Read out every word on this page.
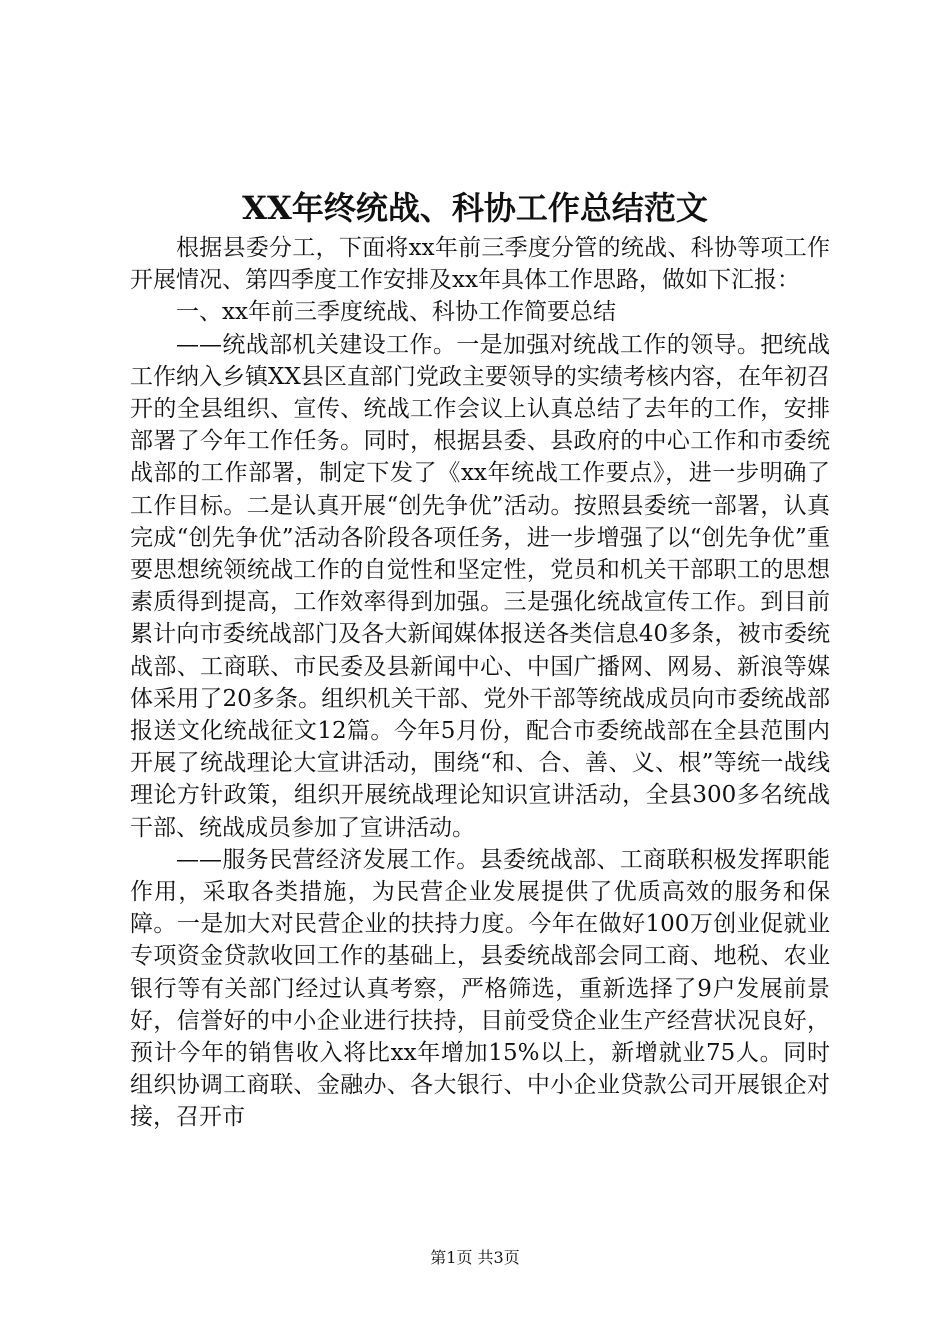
XX年终统战、科协工作总结范文

根据县委分工，下面将xx年前三季度分管的统战、科协等项工作开展情况、第四季度工作安排及xx年具体工作思路，做如下汇报：

一、xx年前三季度统战、科协工作简要总结

——统战部机关建设工作。一是加强对统战工作的领导。把统战工作纳入乡镇XX县区直部门党政主要领导的实绩考核内容，在年初召开的全县组织、宣传、统战工作会议上认真总结了去年的工作，安排部署了今年工作任务。同时，根据县委、县政府的中心工作和市委统战部的工作部署，制定下发了《xx年统战工作要点》，进一步明确了工作目标。二是认真开展“创先争优”活动。按照县委统一部署，认真完成“创先争优”活动各阶段各项任务，进一步增强了以“创先争优”重要思想统领统战工作的自觉性和坚定性，党员和机关干部职工的思想素质得到提高，工作效率得到加强。三是强化统战宣传工作。到目前累计向市委统战部门及各大新闻媒体报送各类信息40多条，被市委统战部、工商联、市民委及县新闻中心、中国广播网、网易、新浪等媒体采用了20多条。组织机关干部、党外干部等统战成员向市委统战部报送文化统战征文12篇。今年5月份，配合市委统战部在全县范围内开展了统战理论大宣讲活动，围绕“和、合、善、义、根”等统一战线理论方针政策，组织开展统战理论知识宣讲活动，全县300多名统战干部、统战成员参加了宣讲活动。

——服务民营经济发展工作。县委统战部、工商联积极发挥职能作用，采取各类措施，为民营企业发展提供了优质高效的服务和保障。一是加大对民营企业的扶持力度。今年在做好100万创业促就业专项资金贷款收回工作的基础上，县委统战部会同工商、地税、农业银行等有关部门经过认真考察，严格筛选，重新选择了9户发展前景好，信誉好的中小企业进行扶持，目前受贷企业生产经营状况良好，预计今年的销售收入将比xx年增加15%以上，新增就业75人。同时组织协调工商联、金融办、各大银行、中小企业贷款公司开展银企对接，召开市

第1页 共3页
